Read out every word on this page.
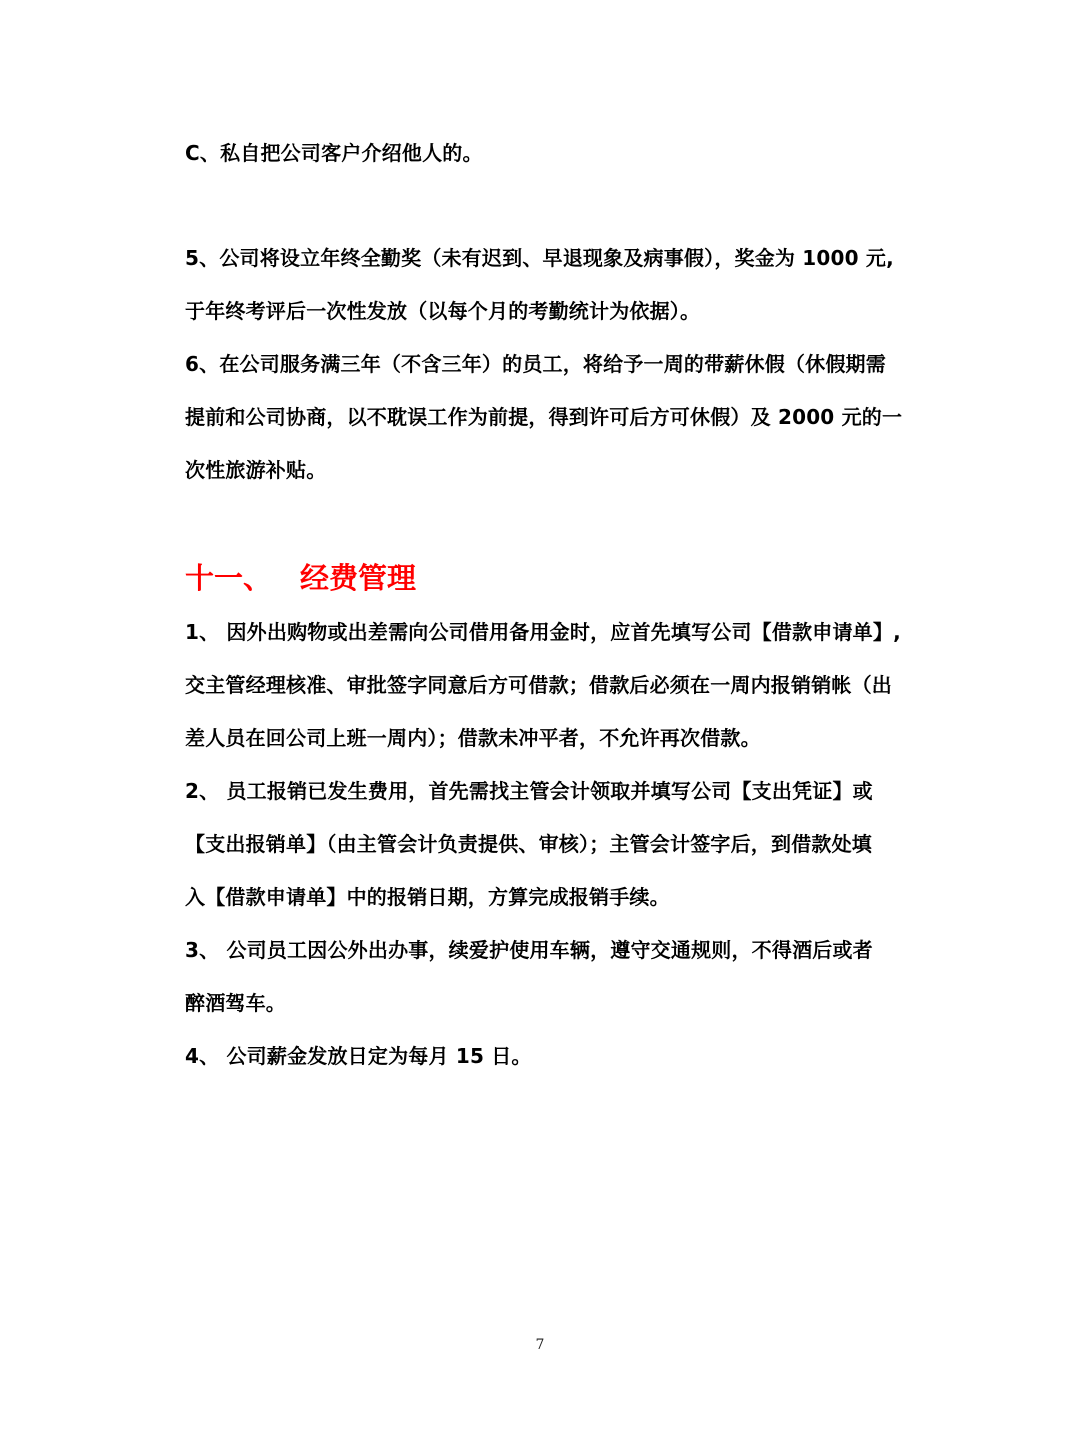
C、私自把公司客户介绍他人的。
5、公司将设立年终全勤奖（未有迟到、早退现象及病事假），奖金为 1000 元,
于年终考评后一次性发放（以每个月的考勤统计为依据）。
6、在公司服务满三年（不含三年）的员工，将给予一周的带薪休假（休假期需
提前和公司协商，以不耽误工作为前提，得到许可后方可休假）及 2000 元的一
次性旅游补贴。
十一、 经费管理
1、 因外出购物或出差需向公司借用备用金时，应首先填写公司【借款申请单】,
交主管经理核准、审批签字同意后方可借款；借款后必须在一周内报销销帐（出
差人员在回公司上班一周内）；借款未冲平者，不允许再次借款。
2、 员工报销已发生费用，首先需找主管会计领取并填写公司【支出凭证】或
【支出报销单】（由主管会计负责提供、审核）；主管会计签字后，到借款处填
入【借款申请单】中的报销日期，方算完成报销手续。
3、 公司员工因公外出办事，续爱护使用车辆，遵守交通规则，不得酒后或者
醉酒驾车。
4、 公司薪金发放日定为每月 15 日。
7
